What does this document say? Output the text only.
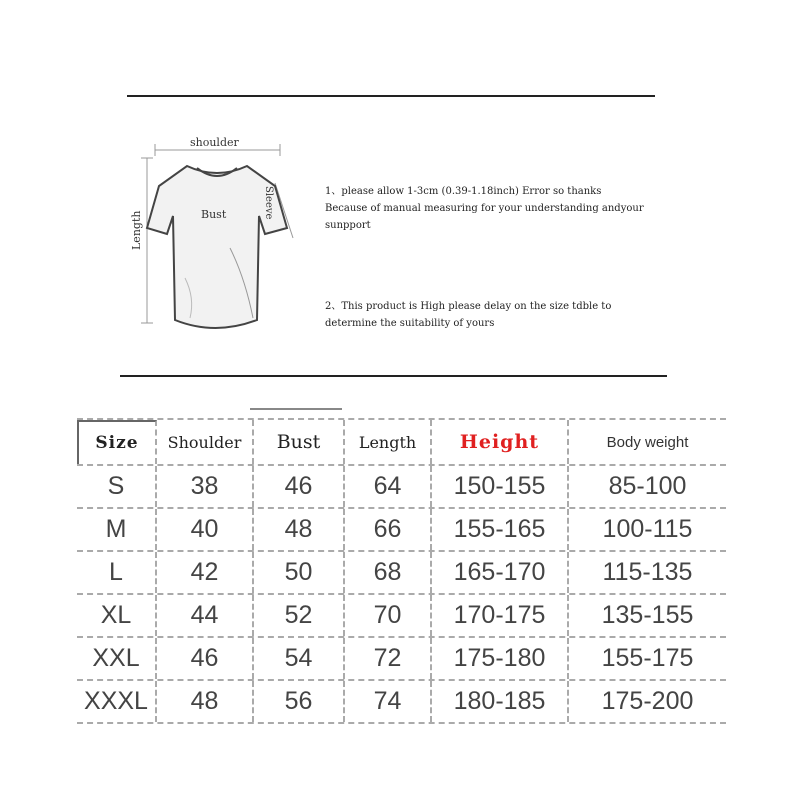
shoulder
Bust
Length
Sleeve	1、please allow 1-3cm (0.39-1.18inch) Error so thanks

Because of manual measuring for your understanding andyour

sunpport

2、This product is High please delay on the size tdble to

determine the suitability of yours

Size	Shoulder	Bust	Length	Height	Body weight
S	38	46	64	150-155	85-100
M	40	48	66	155-165	100-115
L	42	50	68	165-170	115-135
XL	44	52	70	170-175	135-155
XXL	46	54	72	175-180	155-175
XXXL	48	56	74	180-185	175-200
